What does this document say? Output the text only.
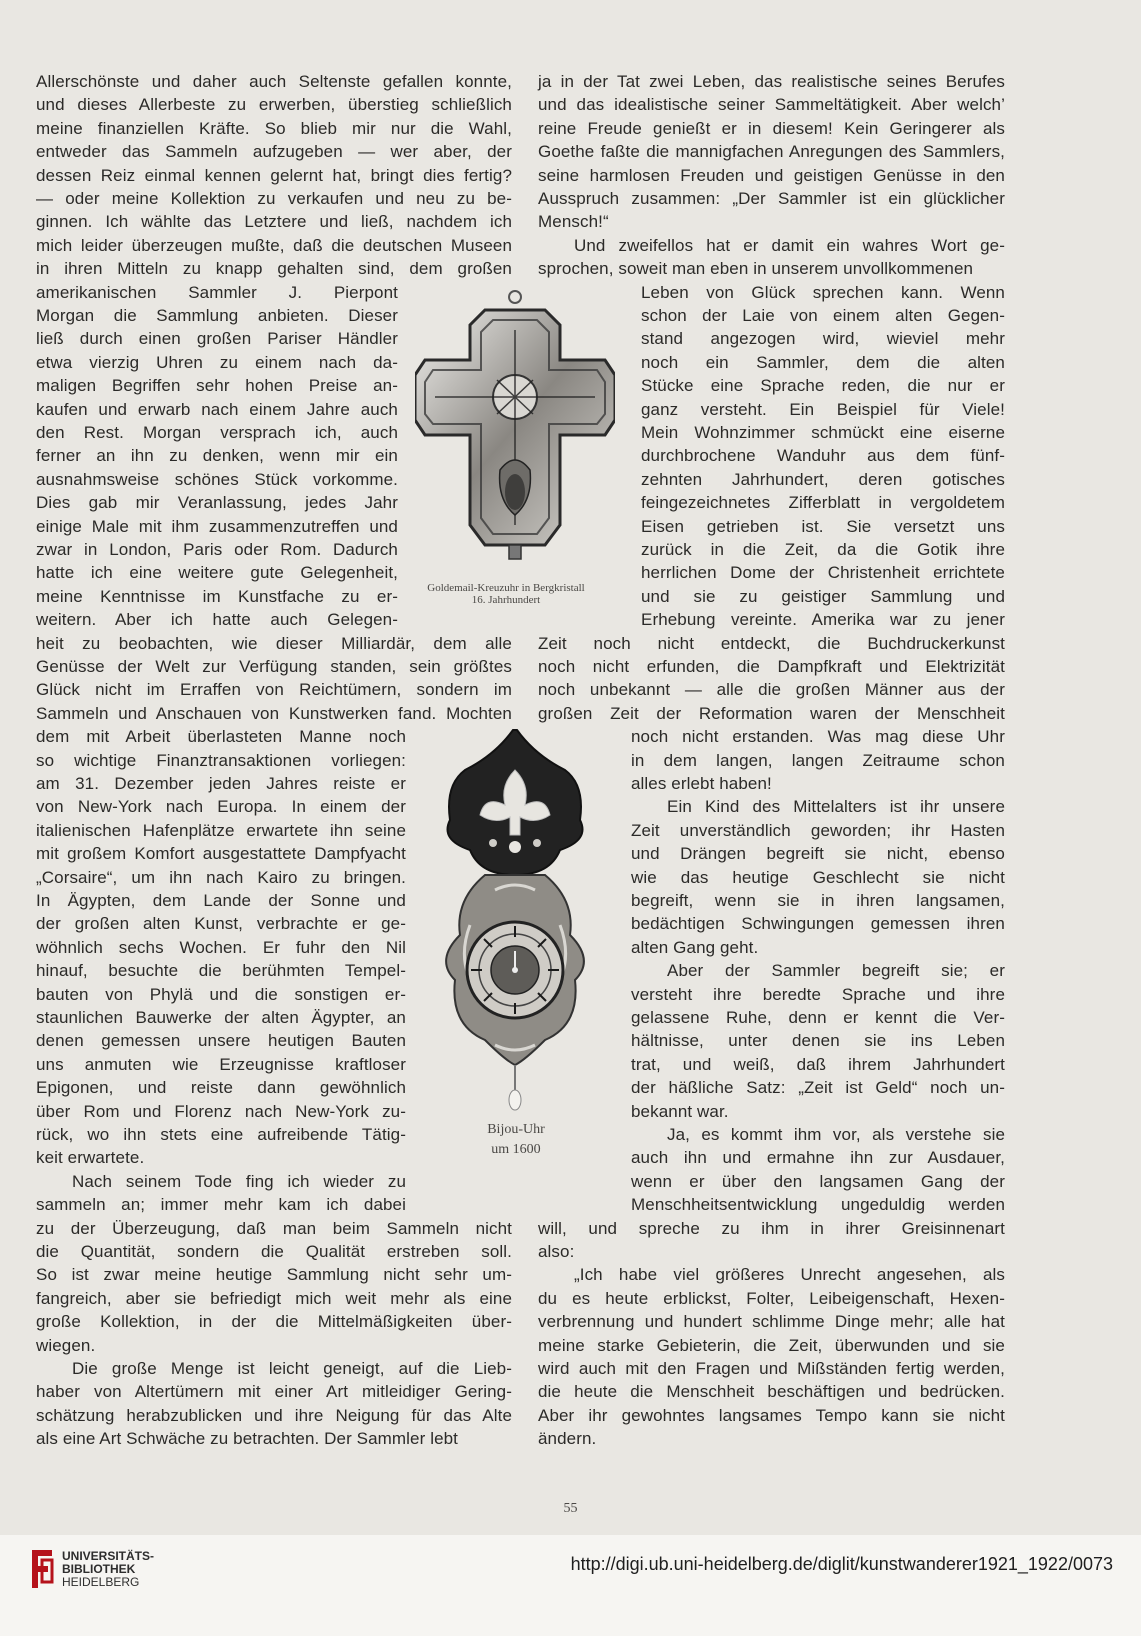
Allerschönste und daher auch Seltenste gefallen konnte,
und dieses Allerbeste zu erwerben, überstieg schließlich
meine finanziellen Kräfte. So blieb mir nur die Wahl,
entweder das Sammeln aufzugeben — wer aber, der
dessen Reiz einmal kennen gelernt hat, bringt dies fertig?
— oder meine Kollektion zu verkaufen und neu zu be-
ginnen. Ich wählte das Letztere und ließ, nachdem ich
mich leider überzeugen mußte, daß die deutschen Museen
in ihren Mitteln zu knapp gehalten sind, dem großen
amerikanischen Sammler J. Pierpont
Morgan die Sammlung anbieten. Dieser
ließ durch einen großen Pariser Händler
etwa vierzig Uhren zu einem nach da-
maligen Begriffen sehr hohen Preise an-
kaufen und erwarb nach einem Jahre auch
den Rest. Morgan versprach ich, auch
ferner an ihn zu denken, wenn mir ein
ausnahmsweise schönes Stück vorkomme.
Dies gab mir Veranlassung, jedes Jahr
einige Male mit ihm zusammenzutreffen und
zwar in London, Paris oder Rom. Dadurch
hatte ich eine weitere gute Gelegenheit,
meine Kenntnisse im Kunstfache zu er-
weitern. Aber ich hatte auch Gelegen-
heit zu beobachten, wie dieser Milliardär, dem alle
Genüsse der Welt zur Verfügung standen, sein größtes
Glück nicht im Erraffen von Reichtümern, sondern im
Sammeln und Anschauen von Kunstwerken fand. Mochten
dem mit Arbeit überlasteten Manne noch
so wichtige Finanztransaktionen vorliegen:
am 31. Dezember jeden Jahres reiste er
von New-York nach Europa. In einem der
italienischen Hafenplätze erwartete ihn seine
mit großem Komfort ausgestattete Dampfyacht
„Corsaire“, um ihn nach Kairo zu bringen.
In Ägypten, dem Lande der Sonne und
der großen alten Kunst, verbrachte er ge-
wöhnlich sechs Wochen. Er fuhr den Nil
hinauf, besuchte die berühmten Tempel-
bauten von Phylä und die sonstigen er-
staunlichen Bauwerke der alten Ägypter, an
denen gemessen unsere heutigen Bauten
uns anmuten wie Erzeugnisse kraftloser
Epigonen, und reiste dann gewöhnlich
über Rom und Florenz nach New-York zu-
rück, wo ihn stets eine aufreibende Tätig-
keit erwartete.
Nach seinem Tode fing ich wieder zu
sammeln an; immer mehr kam ich dabei
zu der Überzeugung, daß man beim Sammeln nicht
die Quantität, sondern die Qualität erstreben soll.
So ist zwar meine heutige Sammlung nicht sehr um-
fangreich, aber sie befriedigt mich weit mehr als eine
große Kollektion, in der die Mittelmäßigkeiten über-
wiegen.
Die große Menge ist leicht geneigt, auf die Lieb-
haber von Altertümern mit einer Art mitleidiger Gering-
schätzung herabzublicken und ihre Neigung für das Alte
als eine Art Schwäche zu betrachten. Der Sammler lebt
ja in der Tat zwei Leben, das realistische seines Berufes
und das idealistische seiner Sammeltätigkeit. Aber welch’
reine Freude genießt er in diesem! Kein Geringerer als
Goethe faßte die mannigfachen Anregungen des Sammlers,
seine harmlosen Freuden und geistigen Genüsse in den
Ausspruch zusammen: „Der Sammler ist ein glücklicher
Mensch!“
Und zweifellos hat er damit ein wahres Wort ge-
sprochen, soweit man eben in unserem unvollkommenen
Leben von Glück sprechen kann. Wenn
schon der Laie von einem alten Gegen-
stand angezogen wird, wieviel mehr
noch ein Sammler, dem die alten
Stücke eine Sprache reden, die nur er
ganz versteht. Ein Beispiel für Viele!
Mein Wohnzimmer schmückt eine eiserne
durchbrochene Wanduhr aus dem fünf-
zehnten Jahrhundert, deren gotisches
feingezeichnetes Zifferblatt in vergoldetem
Eisen getrieben ist. Sie versetzt uns
zurück in die Zeit, da die Gotik ihre
herrlichen Dome der Christenheit errichtete
und sie zu geistiger Sammlung und
Erhebung vereinte. Amerika war zu jener
Zeit noch nicht entdeckt, die Buchdruckerkunst
noch nicht erfunden, die Dampfkraft und Elektrizität
noch unbekannt — alle die großen Männer aus der
großen Zeit der Reformation waren der Menschheit
noch nicht erstanden. Was mag diese Uhr
in dem langen, langen Zeitraume schon
alles erlebt haben!
Ein Kind des Mittelalters ist ihr unsere
Zeit unverständlich geworden; ihr Hasten
und Drängen begreift sie nicht, ebenso
wie das heutige Geschlecht sie nicht
begreift, wenn sie in ihren langsamen,
bedächtigen Schwingungen gemessen ihren
alten Gang geht.
Aber der Sammler begreift sie; er
versteht ihre beredte Sprache und ihre
gelassene Ruhe, denn er kennt die Ver-
hältnisse, unter denen sie ins Leben
trat, und weiß, daß ihrem Jahrhundert
der häßliche Satz: „Zeit ist Geld“ noch un-
bekannt war.
Ja, es kommt ihm vor, als verstehe sie
auch ihn und ermahne ihn zur Ausdauer,
wenn er über den langsamen Gang der
Menschheitsentwicklung ungeduldig werden
will, und spreche zu ihm in ihrer Greisinnenart
also:
„Ich habe viel größeres Unrecht angesehen, als
du es heute erblickst, Folter, Leibeigenschaft, Hexen-
verbrennung und hundert schlimme Dinge mehr; alle hat
meine starke Gebieterin, die Zeit, überwunden und sie
wird auch mit den Fragen und Mißständen fertig werden,
die heute die Menschheit beschäftigen und bedrücken.
Aber ihr gewohntes langsames Tempo kann sie nicht
ändern.
Goldemail-Kreuzuhr in Bergkristall
16. Jahrhundert
Bijou-Uhr
um 1600
55
UNIVERSITÄTS-
BIBLIOTHEK
HEIDELBERG
http://digi.ub.uni-heidelberg.de/diglit/kunstwanderer1921_1922/0073
